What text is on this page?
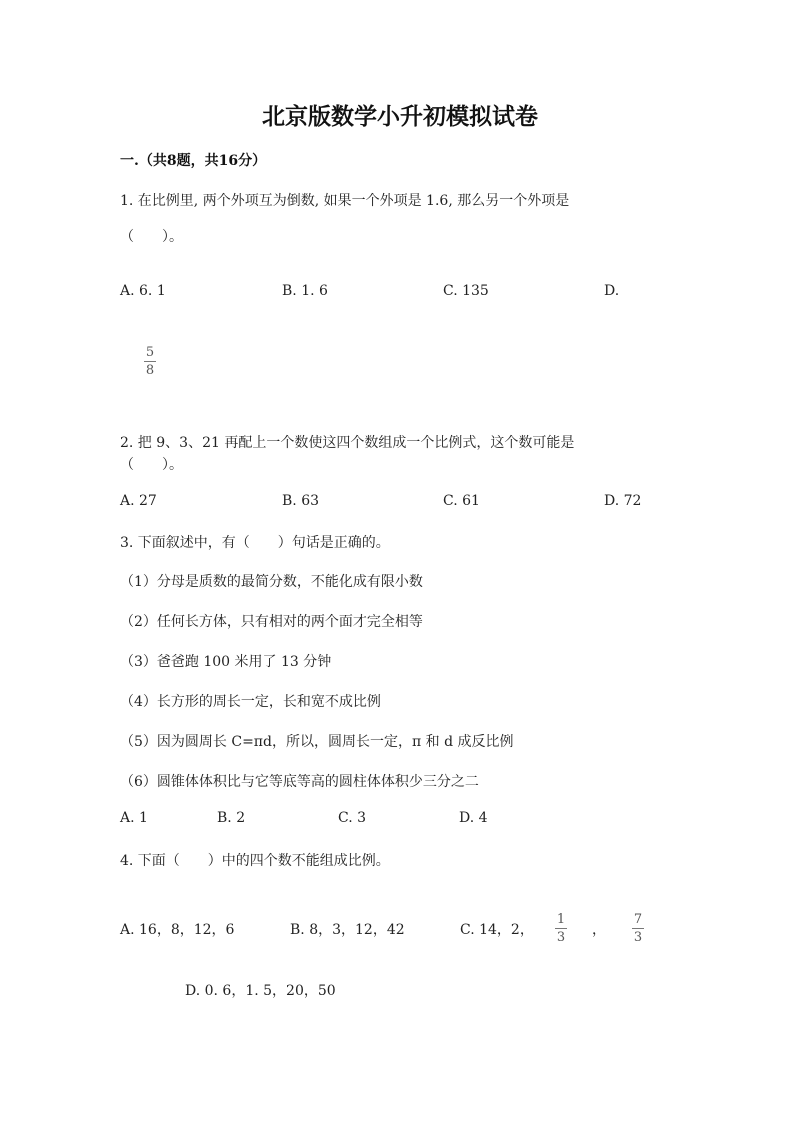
北京版数学小升初模拟试卷
一.（共8题，共16分）
1. 在比例里, 两个外项互为倒数, 如果一个外项是 1.6, 那么另一个外项是
（　　）。
A. 6. 1	B. 1. 6	C. 135	D.
5
8
2. 把 9、3、21 再配上一个数使这四个数组成一个比例式，这个数可能是
（　　）。
A. 27	B. 63	C. 61	D. 72
3. 下面叙述中，有（　　）句话是正确的。
（1）分母是质数的最简分数，不能化成有限小数
（2）任何长方体，只有相对的两个面才完全相等
（3）爸爸跑 100 米用了 13 分钟
（4）长方形的周长一定，长和宽不成比例
（5）因为圆周长 C=πd，所以，圆周长一定，π 和 d 成反比例
（6）圆锥体体积比与它等底等高的圆柱体体积少三分之二
A. 1	B. 2	C. 3	D. 4
4. 下面（　　）中的四个数不能组成比例。
A. 16，8，12，6	B. 8，3，12，42	C. 14，2，
1
3 ，
7
3
D. 0. 6，1. 5，20，50
